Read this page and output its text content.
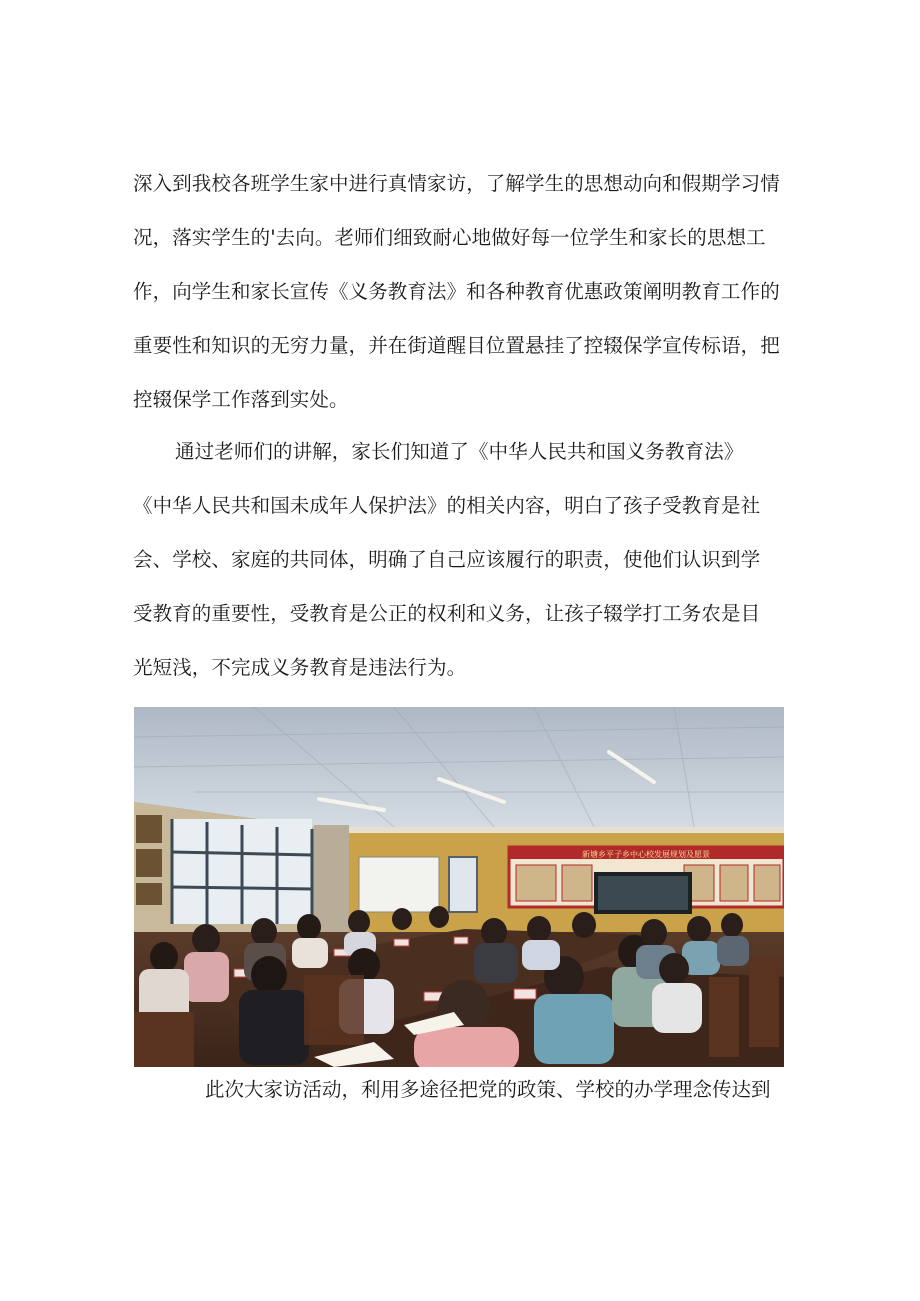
深入到我校各班学生家中进行真情家访，了解学生的思想动向和假期学习情
况，落实学生的'去向。老师们细致耐心地做好每一位学生和家长的思想工
作，向学生和家长宣传《义务教育法》和各种教育优惠政策阐明教育工作的
重要性和知识的无穷力量，并在街道醒目位置悬挂了控辍保学宣传标语，把
控辍保学工作落到实处。

通过老师们的讲解，家长们知道了《中华人民共和国义务教育法》
《中华人民共和国未成年人保护法》的相关内容，明白了孩子受教育是社
会、学校、家庭的共同体，明确了自己应该履行的职责，使他们认识到学
受教育的重要性，受教育是公正的权利和义务，让孩子辍学打工务农是目
光短浅，不完成义务教育是违法行为。

新塘乡平子乡中心校发展规划及愿景

此次大家访活动，利用多途径把党的政策、学校的办学理念传达到
